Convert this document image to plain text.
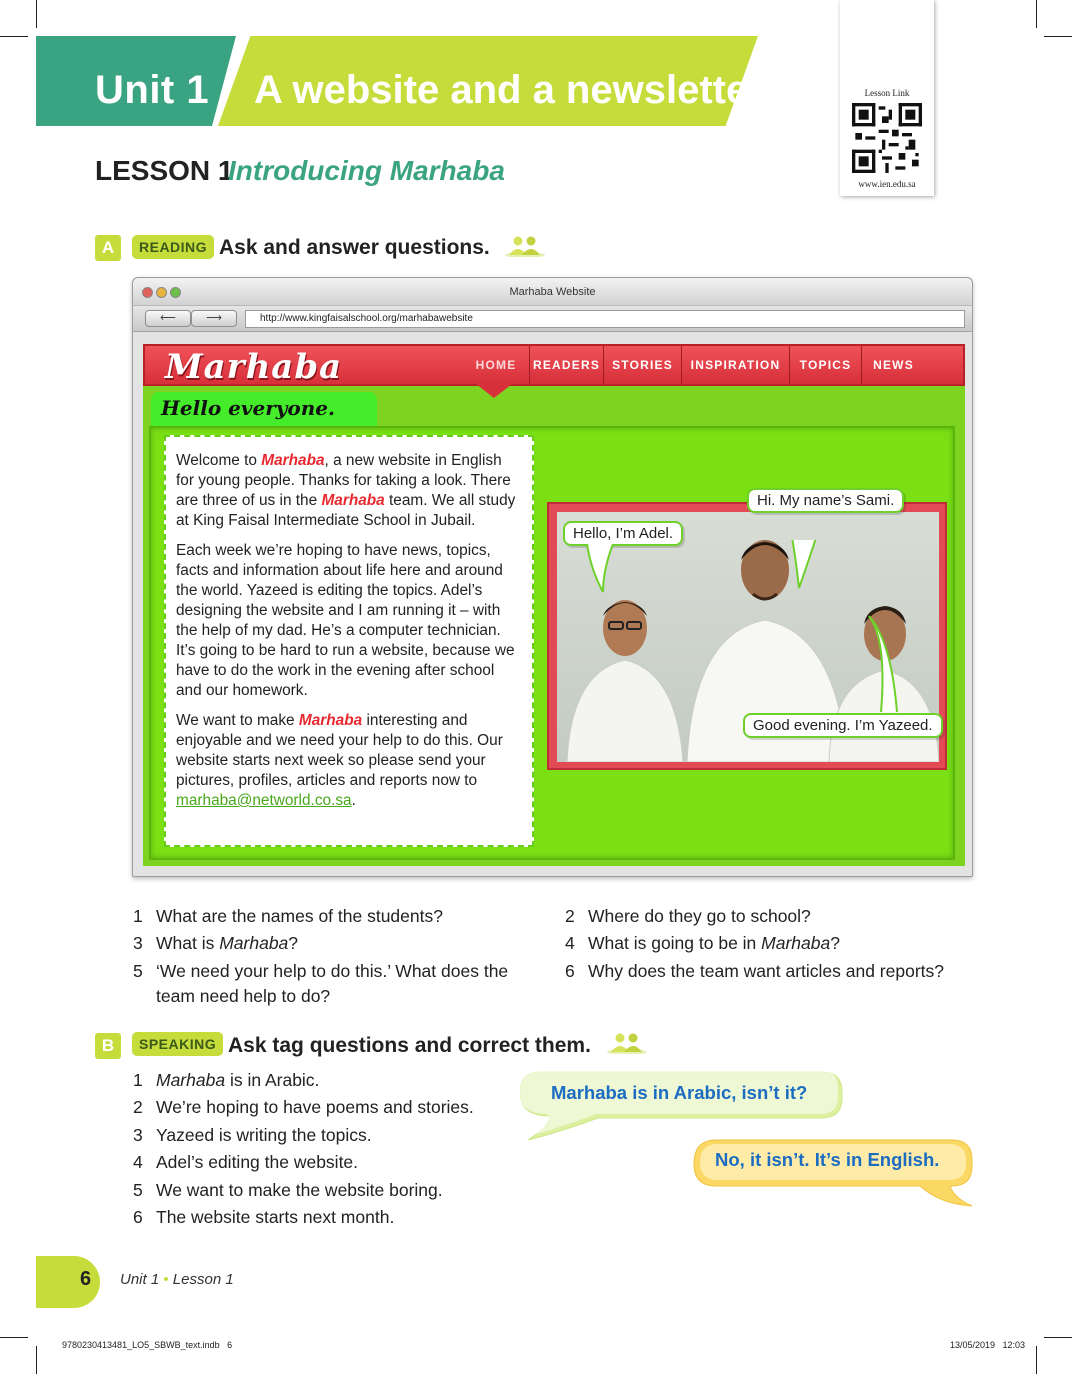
Unit 1 A website and a newsletter	Lesson Link
www.ien.edu.sa
LESSON 1
Introducing Marhaba
A	READING Ask and answer questions.
Marhaba Website
⟵	⟶	http://www.kingfaisalschool.org/marhabawebsite
Marhaba	HOME	READERS	STORIES	INSPIRATION	TOPICS	NEWS
Hello everyone.

Welcome to Marhaba, a new website in English for young people. Thanks for taking a look. There are three of us in the Marhaba team. We all study at King Faisal Intermediate School in Jubail.

Each week we’re hoping to have news, topics, facts and information about life here and around the world. Yazeed is editing the topics. Adel’s designing the website and I am running it – with the help of my dad. He’s a computer technician. It’s going to be hard to run a website, because we have to do the work in the evening after school and our homework.

We want to make Marhaba interesting and enjoyable and we need your help to do this. Our website starts next week so please send your pictures, profiles, articles and reports now to marhaba@networld.co.sa.

Hello, I’m Adel.
Hi. My name’s Sami.
Good evening. I’m Yazeed.
1 What are the names of the students?	2 Where do they go to school?
3 What is Marhaba?	4 What is going to be in Marhaba?
5 ‘We need your help to do this.’ What does the
team need help to do?
6 Why does the team want articles and reports?
B	SPEAKING Ask tag questions and correct them.
1 Marhaba is in Arabic.
2 We’re hoping to have poems and stories.
3 Yazeed is writing the topics.
4 Adel’s editing the website.
5 We want to make the website boring.
6 The website starts next month.
Marhaba is in Arabic, isn’t it?
No, it isn’t. It’s in English.
6 Unit 1 • Lesson 1
9780230413481_LO5_SBWB_text.indb   6	13/05/2019   12:03
